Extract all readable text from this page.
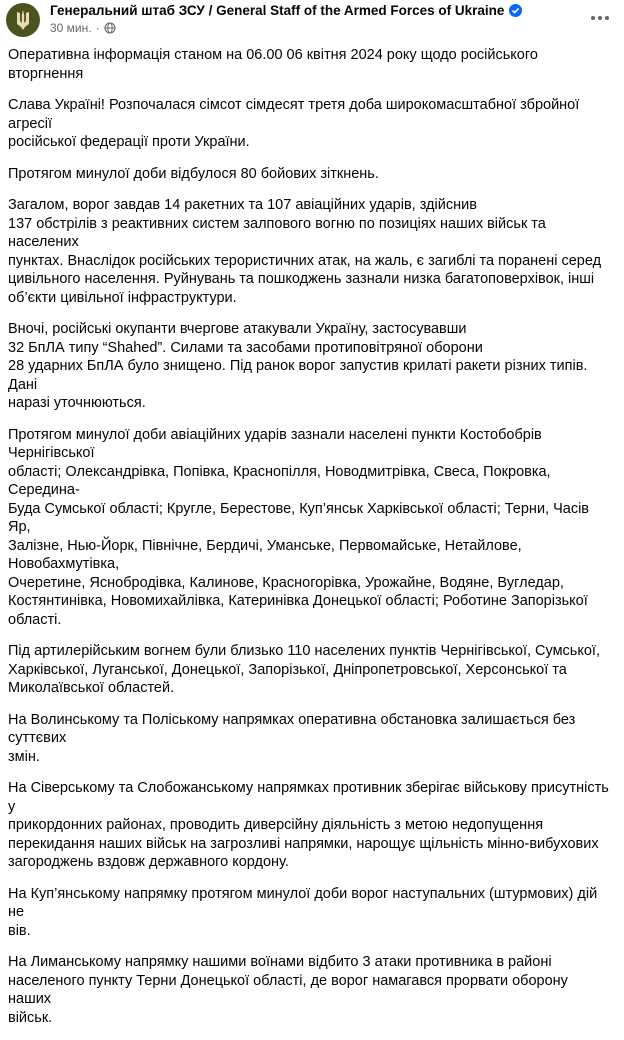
Генеральний штаб ЗСУ / General Staff of the Armed Forces of Ukraine
30 мин. ·

Оперативна інформація станом на 06.00 06 квітня 2024 року щодо російського вторгнення

Слава Україні! Розпочалася сімсот сімдесят третя доба широкомасштабної збройної агресії
російської федерації проти України.

Протягом минулої доби відбулося 80 бойових зіткнень.

Загалом, ворог завдав 14 ракетних та 107 авіаційних ударів, здійснив
137 обстрілів з реактивних систем залпового вогню по позиціях наших військ та населених
пунктах. Внаслідок російських терористичних атак, на жаль, є загиблі та поранені серед
цивільного населення. Руйнувань та пошкоджень зазнали низка багатоповерхівок, інші
об’єкти цивільної інфраструктури.

Вночі, російські окупанти вчергове атакували Україну, застосувавши
32 БпЛА типу “Shahed”. Силами та засобами протиповітряної оборони
28 ударних БпЛА було знищено. Під ранок ворог запустив крилаті ракети різних типів. Дані
наразі уточнюються.

Протягом минулої доби авіаційних ударів зазнали населені пункти Костобобрів Чернігівської
області; Олександрівка, Попівка, Краснопілля, Новодмитрівка, Свеса, Покровка, Середина-
Буда Сумської області; Кругле, Берестове, Куп’янськ Харківської області; Терни, Часів Яр,
Залізне, Нью-Йорк, Північне, Бердичі, Уманське, Первомайське, Нетайлове, Новобахмутівка,
Очеретине, Яснобродівка, Калинове, Красногорівка, Урожайне, Водяне, Вугледар,
Костянтинівка, Новомихайлівка, Катеринівка Донецької області; Роботине Запорізької
області.

Під артилерійським вогнем були близько 110 населених пунктів Чернігівської, Сумської,
Харківської, Луганської, Донецької, Запорізької, Дніпропетровської, Херсонської та
Миколаївської областей.

На Волинському та Поліському напрямках оперативна обстановка залишається без суттєвих
змін.

На Сіверському та Слобожанському напрямках противник зберігає військову присутність у
прикордонних районах, проводить диверсійну діяльність з метою недопущення
перекидання наших військ на загрозливі напрямки, нарощує щільність мінно-вибухових
загороджень вздовж державного кордону.

На Куп’янському напрямку протягом минулої доби ворог наступальних (штурмових) дій не
вів.

На Лиманському напрямку нашими воїнами відбито 3 атаки противника в районі
населеного пункту Терни Донецької області, де ворог намагався прорвати оборону наших
військ.
